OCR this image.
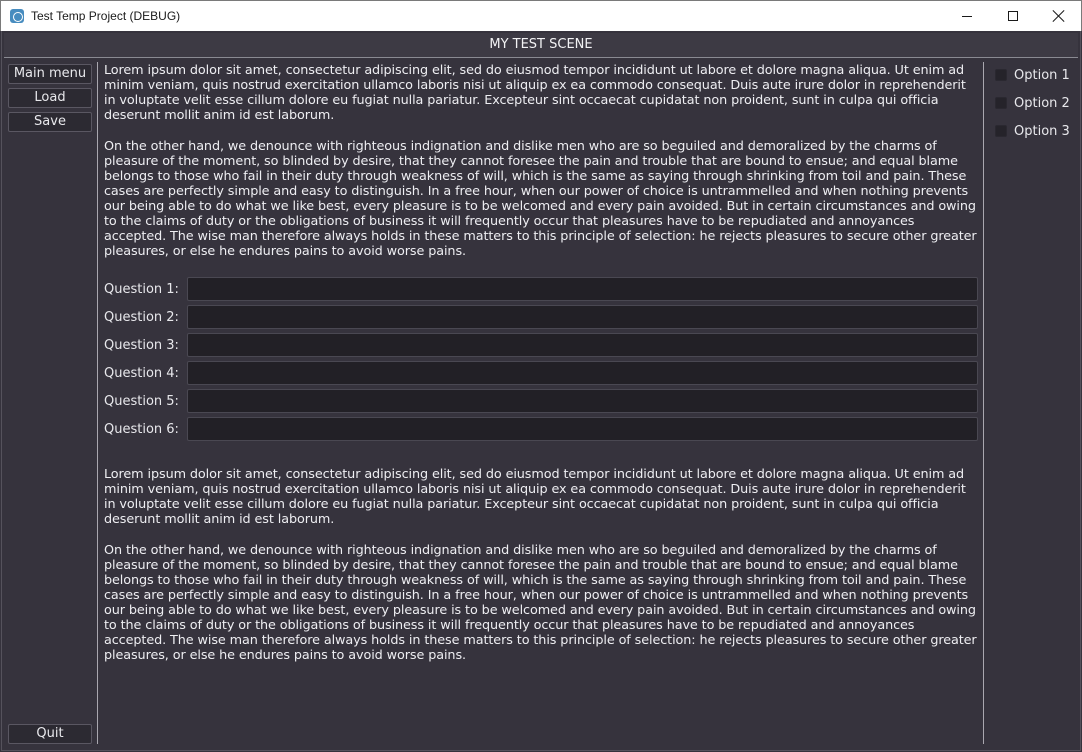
Test Temp Project (DEBUG)
MY TEST SCENE
Main menu
Load
Save
Quit

Lorem ipsum dolor sit amet, consectetur adipiscing elit, sed do eiusmod tempor incididunt ut labore et dolore magna aliqua. Ut enim ad minim veniam, quis nostrud exercitation ullamco laboris nisi ut aliquip ex ea commodo consequat. Duis aute irure dolor in reprehenderit in voluptate velit esse cillum dolore eu fugiat nulla pariatur. Excepteur sint occaecat cupidatat non proident, sunt in culpa qui officia deserunt mollit anim id est laborum.

On the other hand, we denounce with righteous indignation and dislike men who are so beguiled and demoralized by the charms of pleasure of the moment, so blinded by desire, that they cannot foresee the pain and trouble that are bound to ensue; and equal blame belongs to those who fail in their duty through weakness of will, which is the same as saying through shrinking from toil and pain. These cases are perfectly simple and easy to distinguish. In a free hour, when our power of choice is untrammelled and when nothing prevents our being able to do what we like best, every pleasure is to be welcomed and every pain avoided. But in certain circumstances and owing to the claims of duty or the obligations of business it will frequently occur that pleasures have to be repudiated and annoyances accepted. The wise man therefore always holds in these matters to this principle of selection: he rejects pleasures to secure other greater pleasures, or else he endures pains to avoid worse pains.

Question 1:
Question 2:
Question 3:
Question 4:
Question 5:
Question 6:

Lorem ipsum dolor sit amet, consectetur adipiscing elit, sed do eiusmod tempor incididunt ut labore et dolore magna aliqua. Ut enim ad minim veniam, quis nostrud exercitation ullamco laboris nisi ut aliquip ex ea commodo consequat. Duis aute irure dolor in reprehenderit in voluptate velit esse cillum dolore eu fugiat nulla pariatur. Excepteur sint occaecat cupidatat non proident, sunt in culpa qui officia deserunt mollit anim id est laborum.

On the other hand, we denounce with righteous indignation and dislike men who are so beguiled and demoralized by the charms of pleasure of the moment, so blinded by desire, that they cannot foresee the pain and trouble that are bound to ensue; and equal blame belongs to those who fail in their duty through weakness of will, which is the same as saying through shrinking from toil and pain. These cases are perfectly simple and easy to distinguish. In a free hour, when our power of choice is untrammelled and when nothing prevents our being able to do what we like best, every pleasure is to be welcomed and every pain avoided. But in certain circumstances and owing to the claims of duty or the obligations of business it will frequently occur that pleasures have to be repudiated and annoyances accepted. The wise man therefore always holds in these matters to this principle of selection: he rejects pleasures to secure other greater pleasures, or else he endures pains to avoid worse pains.

Option 1
Option 2
Option 3
